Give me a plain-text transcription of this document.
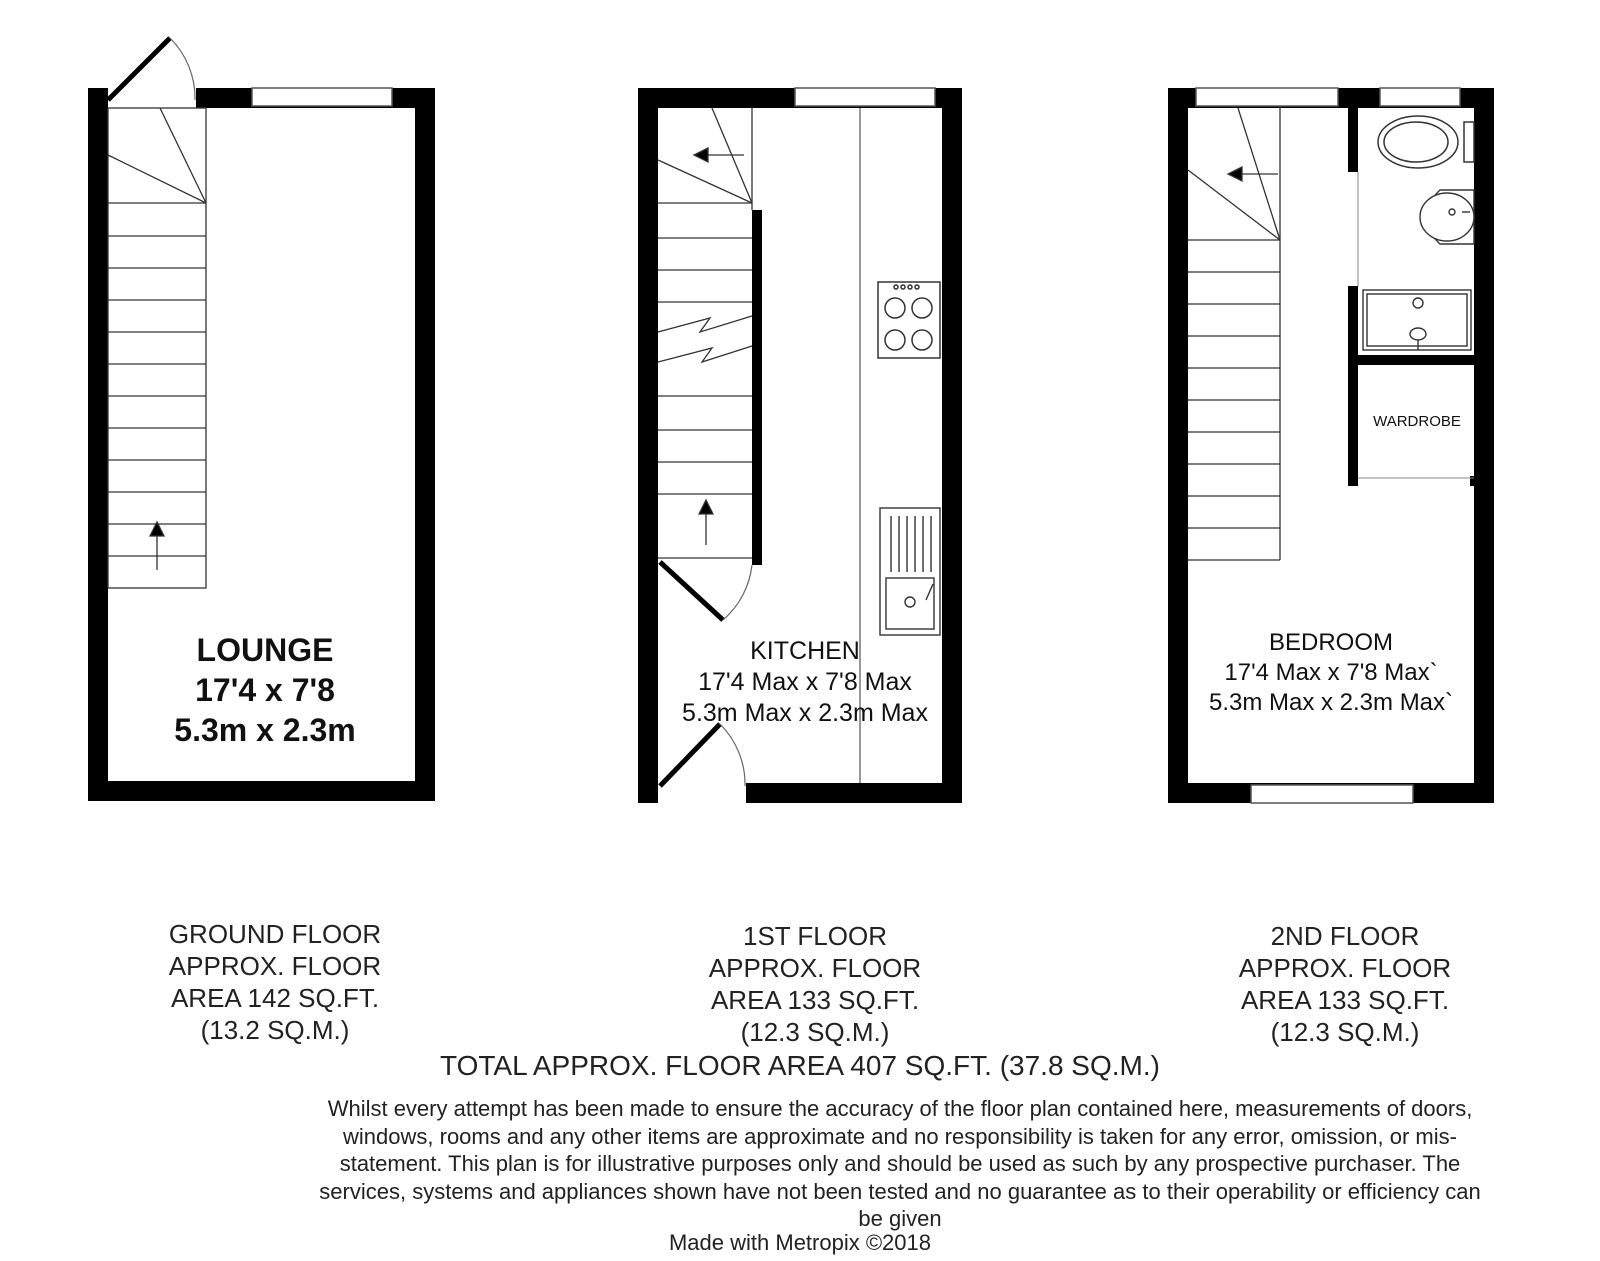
LOUNGE
17'4 x 7'8
5.3m x 2.3m
KITCHEN
17'4 Max x 7'8 Max
5.3m Max x 2.3m Max
BEDROOM
17'4 Max x 7'8 Max`
5.3m Max x 2.3m Max`
WARDROBE
GROUND FLOOR
APPROX. FLOOR
AREA 142 SQ.FT.
(13.2 SQ.M.)
1ST FLOOR
APPROX. FLOOR
AREA 133 SQ.FT.
(12.3 SQ.M.)
2ND FLOOR
APPROX. FLOOR
AREA 133 SQ.FT.
(12.3 SQ.M.)
TOTAL APPROX. FLOOR AREA 407 SQ.FT. (37.8 SQ.M.)
Whilst every attempt has been made to ensure the accuracy of the floor plan contained here, measurements of doors, windows, rooms and any other items are approximate and no responsibility is taken for any error, omission, or mis-statement. This plan is for illustrative purposes only and should be used as such by any prospective purchaser. The services, systems and appliances shown have not been tested and no guarantee as to their operability or efficiency can be given
Made with Metropix ©2018
